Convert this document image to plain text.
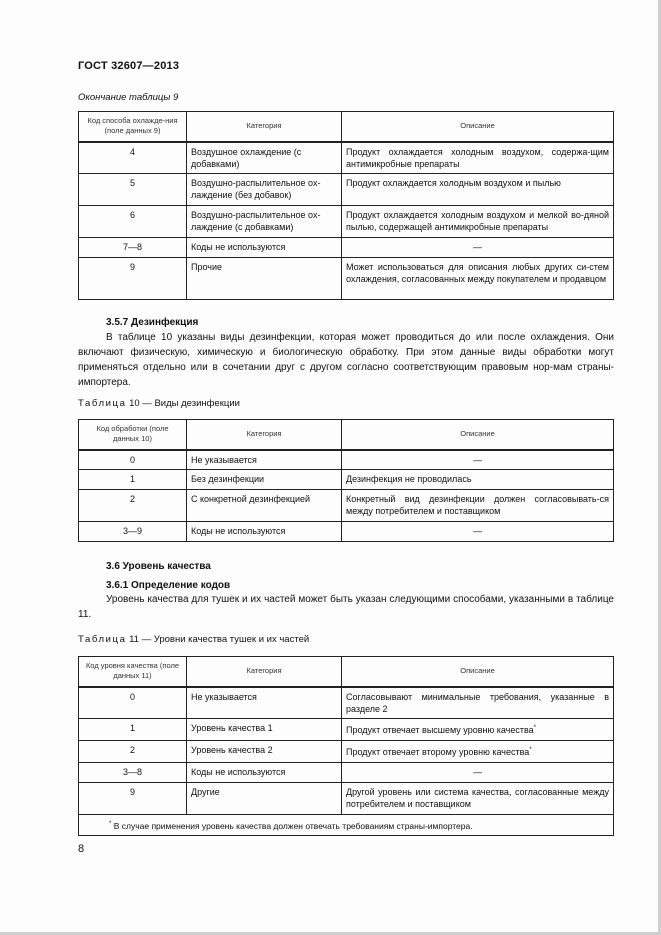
ГОСТ 32607—2013
Окончание таблицы 9
Код способа охлажде-ния (поле данных 9)	Категория	Описание
4	Воздушное охлаждение (с добавками)	Продукт охлаждается холодным воздухом, содержа-щим антимикробные препараты
5	Воздушно-распылительное ох-лаждение (без добавок)	Продукт охлаждается холодным воздухом и пылью
6	Воздушно-распылительное ох-лаждение (с добавками)	Продукт охлаждается холодным воздухом и мелкой во-дяной пылью, содержащей антимикробные препараты
7—8	Коды не используются	—
9	Прочие	Может использоваться для описания любых других си-стем охлаждения, согласованных между покупателем и продавцом
3.5.7 Дезинфекция
В таблице 10 указаны виды дезинфекции, которая может проводиться до или после охлаждения. Они включают физическую, химическую и биологическую обработку. При этом данные виды обработки могут применяться отдельно или в сочетании друг с другом согласно соответствующим правовым нор-мам страны-импортера.
Таблица 10 — Виды дезинфекции
Код обработки (поле данных 10)	Категория	Описание
0	Не указывается	—
1	Без дезинфекции	Дезинфекция не проводилась
2	С конкретной дезинфекцией	Конкретный вид дезинфекции должен согласовывать-ся между потребителем и поставщиком
3—9	Коды не используются	—
3.6 Уровень качества
3.6.1 Определение кодов
Уровень качества для тушек и их частей может быть указан следующими способами, указанными в таблице 11.
Таблица 11 — Уровни качества тушек и их частей
Код уровня качества (поле данных 11)	Категория	Описание
0	Не указывается	Согласовывают минимальные требования, указанные в разделе 2
1	Уровень качества 1	Продукт отвечает высшему уровню качества*
2	Уровень качества 2	Продукт отвечает второму уровню качества*
3—8	Коды не используются	—
9	Другие	Другой уровень или система качества, согласованные между потребителем и поставщиком
* В случае применения уровень качества должен отвечать требованиям страны-импортера.		
8
